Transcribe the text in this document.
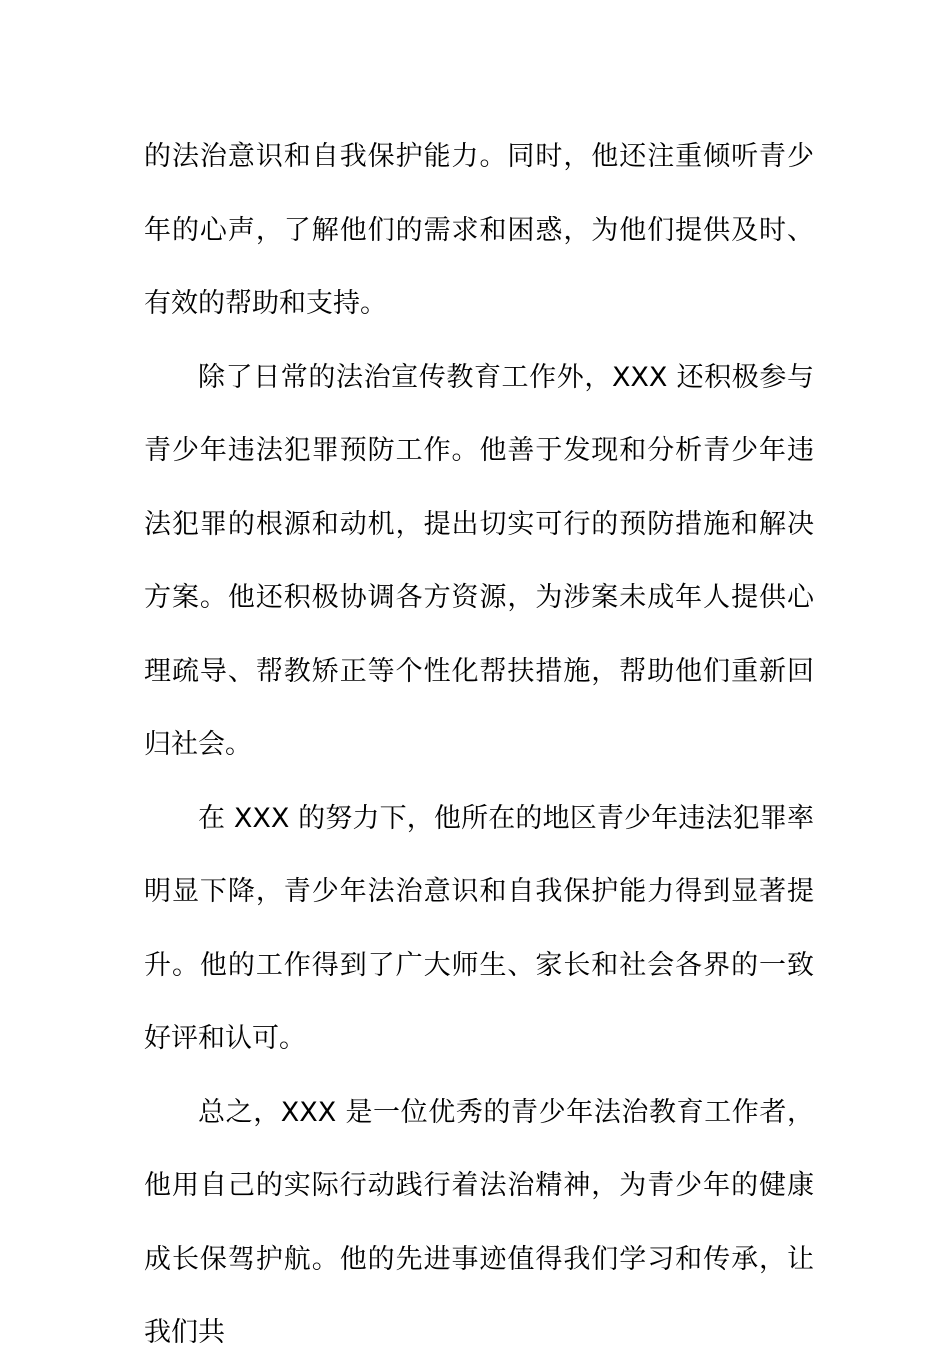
的法治意识和自我保护能力。同时，他还注重倾听青少年的心声，了解他们的需求和困惑，为他们提供及时、有效的帮助和支持。

除了日常的法治宣传教育工作外，XXX 还积极参与青少年违法犯罪预防工作。他善于发现和分析青少年违法犯罪的根源和动机，提出切实可行的预防措施和解决方案。他还积极协调各方资源，为涉案未成年人提供心理疏导、帮教矫正等个性化帮扶措施，帮助他们重新回归社会。

在 XXX 的努力下，他所在的地区青少年违法犯罪率明显下降，青少年法治意识和自我保护能力得到显著提升。他的工作得到了广大师生、家长和社会各界的一致好评和认可。

总之，XXX 是一位优秀的青少年法治教育工作者，他用自己的实际行动践行着法治精神，为青少年的健康成长保驾护航。他的先进事迹值得我们学习和传承，让我们共
